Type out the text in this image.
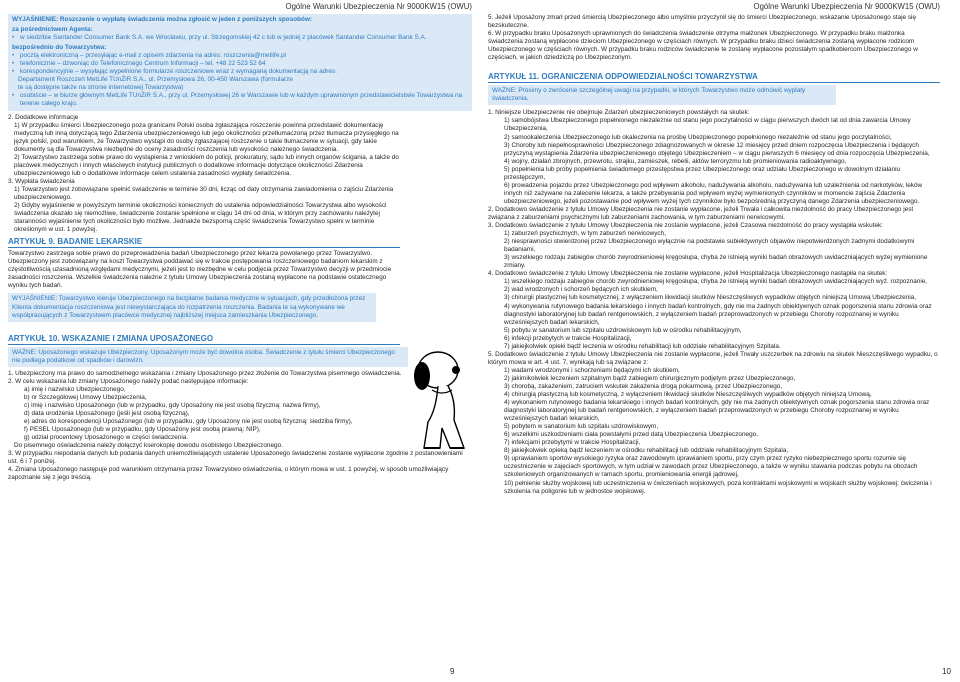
Ogólne Warunki Ubezpieczenia Nr 9000KW15 (OWU)

WYJAŚNIENIE: Roszczenie o wypłatę świadczenia można zgłosić w jeden z poniższych sposobów:

za pośrednictwem Agenta:

• w siedzibie Santander Consumer Bank S.A. we Wrocławiu, przy ul. Strzegomskiej 42 c lub w jednej z placówek Santander Consumer Bank S.A.

bezpośrednio do Towarzystwa:

• pocztą elektroniczną – przesyłając e-mail z opisem zdarzenia na adres: roszczenia@metlife.pl

• telefonicznie – dzwoniąc do Telefonicznego Centrum Informacji – tel. +48 22 523 52 64

• korespondencyjnie – wysyłając wypełnione formularze roszczeniowe wraz z wymaganą dokumentacją na adres:

Departament Roszczeń MetLife TUnŻiR S.A., ul. Przemysłowa 26, 00-450 Warszawa (formularze

te są dostępne także na stronie internetowej Towarzystwa)

• osobiście – w biurze głównym MetLife TUnŻiR S.A., przy ul. Przemysłowej 26 w Warszawie lub w każdym uprawnionym przedstawicielstwie Towarzystwa na terenie całego kraju.

2. Dodatkowe informacje

1) W przypadku śmierci Ubezpieczonego poza granicami Polski osoba zgłaszająca roszczenie powinna przedstawić dokumentację medyczną lub inną dotyczącą tego Zdarzenia ubezpieczeniowego lub jego okoliczności przetłumaczoną przez tłumacza przysięgłego na język polski, pod warunkiem, że Towarzystwo wystąpi do osoby zgłaszającej roszczenie o takie tłumaczenie w sytuacji, gdy takie dokumenty są dla Towarzystwa niezbędne do oceny zasadności roszczenia lub wysokości należnego świadczenia.

2) Towarzystwo zastrzega sobie prawo do wystąpienia z wnioskiem do policji, prokuratury, sądu lub innych organów ścigania, a także do placówek medycznych i innych właściwych instytucji publicznych o dodatkowe informacje dotyczące okoliczności Zdarzenia ubezpieczeniowego lub o dodatkowe informacje celem ustalenia zasadności wypłaty świadczenia.

3. Wypłata świadczenia

1) Towarzystwo jest zobowiązane spełnić świadczenie w terminie 30 dni, licząc od daty otrzymania zawiadomienia o zajściu Zdarzenia ubezpieczeniowego.

2) Gdyby wyjaśnienie w powyższym terminie okoliczności koniecznych do ustalenia odpowiedzialności Towarzystwa albo wysokości świadczenia okazało się niemożliwe, świadczenie zostanie spełnione w ciągu 14 dni od dnia, w którym przy zachowaniu należytej staranności wyjaśnienie tych okoliczności było możliwe. Jednakże bezsporną część świadczenia Towarzystwo spełni w terminie określonym w ust. 1 powyżej.

ARTYKUŁ 9. BADANIE LEKARSKIE

Towarzystwo zastrzega sobie prawo do przeprowadzenia badań Ubezpieczonego przez lekarza powołanego przez Towarzystwo. Ubezpieczony jest zobowiązany na koszt Towarzystwa poddawać się w trakcie postępowania roszczeniowego badaniom lekarskim z częstotliwością uzasadnioną względami medycznymi, jeżeli jest to niezbędne w celu podjęcia przez Towarzystwo decyzji w przedmiocie zasadności roszczenia. Wszelkie świadczenia należne z tytułu Umowy Ubezpieczenia zostaną wypłacone na podstawie ostatecznego wyniku tych badań.

WYJAŚNIENIE: Towarzystwo kieruje Ubezpieczonego na bezpłatne badania medyczne w sytuacjach, gdy przedłożona przez Klienta dokumentacja roszczeniowa jest niewystarczająca do rozpatrzenia roszczenia. Badania te są wykonywane we współpracujących z Towarzystwem placówce medycznej najbliższej miejsca zamieszkania Ubezpieczonego.
ARTYKUŁ 10. WSKAZANIE I ZMIANA UPOSAŻONEGO
WAŻNE: Uposażonego wskazuje Ubezpieczony. Uposażonym może być dowolna osoba. Świadczenie z tytułu śmierci Ubezpieczonego nie podlega podatkowi od spadków i darowizn.

1. Ubezpieczony ma prawo do samodzielnego wskazania i zmiany Uposażonego przez złożenie do Towarzystwa pisemnego oświadczenia.

2. W celu wskazania lub zmiany Uposażonego należy podać następujące informacje:

a) imię i nazwisko Ubezpieczonego,

b) nr Szczegółowej Umowy Ubezpieczenia,

c) imię i nazwisko Uposażonego (lub w przypadku, gdy Uposażony nie jest osobą fizyczną: nazwa firmy),

d) data urodzenia Uposażonego (jeśli jest osobą fizyczną),

e) adres do korespondencji Uposażonego (lub w przypadku, gdy Uposażony nie jest osobą fizyczną: siedziba firmy),

f) PESEL Uposażonego (lub w przypadku, gdy Uposażony jest osobą prawną: NIP),

g) udział procentowy Uposażonego w części świadczenia.

Do pisemnego oświadczenia należy dołączyć kserokopię dowodu osobistego Ubezpieczonego.

3. W przypadku niepodania danych lub podania danych uniemożliwiających ustalenie Uposażonego świadczenie zostanie wypłacone zgodnie z postanowieniami ust. 6 i 7 poniżej.

4. Zmiana Uposażonego następuje pod warunkiem otrzymania przez Towarzystwo oświadczenia, o którym mowa w ust. 1 powyżej, w sposób umożliwiający zapoznanie się z jego treścią.

9
Ogólne Warunki Ubezpieczenia Nr 9000KW15 (OWU)

5. Jeżeli Uposażony zmarł przed śmiercią Ubezpieczonego albo umyślnie przyczynił się do śmierci Ubezpieczonego, wskazanie Uposażonego staje się bezskuteczne.

6. W przypadku braku Uposażonych uprawnionych do świadczenia świadczenie otrzyma małżonek Ubezpieczonego. W przypadku braku małżonka świadczenia zostaną wypłacone dzieciom Ubezpieczonego w częściach równych. W przypadku braku dzieci świadczenia zostaną wypłacone rodzicom Ubezpieczonego w częściach równych. W przypadku braku rodziców świadczenie te zostanę wypłacone pozostałym spadkobiercom Ubezpieczonego w częściach, w jakich dziedziczą po Ubezpieczonym.

ARTYKUŁ 11. OGRANICZENIA ODPOWIEDZIALNOŚCI TOWARZYSTWA
WAŻNE: Prosimy o zwrócenie szczególnej uwagi na przypadki, w których Towarzystwo może odmówić wypłaty świadczenia.

1. Niniejsze Ubezpieczenie nie obejmuje Zdarzeń ubezpieczeniowych powstałych na skutek:

1) samobójstwa Ubezpieczonego popełnionego niezależnie od stanu jego poczytalności w ciągu pierwszych dwóch lat od dnia zawarcia Umowy Ubezpieczenia,

2) samookaleczenia Ubezpieczonego lub okaleczenia na prośbę Ubezpieczonego popełnionego niezależnie od stanu jego poczytalności,

3) Choroby lub niepełnosprawności Ubezpieczonego zdiagnozowanych w okresie 12 miesięcy przed dniem rozpoczęcia Ubezpieczenia i będących przyczyną wystąpienia Zdarzenia ubezpieczeniowego objętego Ubezpieczeniem – w ciągu pierwszych 6 miesięcy od dnia rozpoczęcia Ubezpieczenia,

4) wojny, działań zbrojnych, przewrotu, strajku, zamieszek, rebelii, aktów terroryzmu lub promieniowania radioaktywnego,

5) popełnienia lub próby popełnienia świadomego przestępstwa przez Ubezpieczonego oraz udziału Ubezpieczonego w dowolnym działaniu przestępczym,

6) prowadzenia pojazdu przez Ubezpieczonego pod wpływem alkoholu, nadużywania alkoholu, nadużywania lub uzależnienia od narkotyków, leków innych niż zażywane na zalecenie lekarza, a także przebywania pod wpływem wyżej wymienionych czynników w momencie zajścia Zdarzenia ubezpieczeniowego, jeżeli pozostawanie pod wpływem wyżej tych czynników było bezpośrednią przyczyną danego Zdarzenia ubezpieczeniowego.

2. Dodatkowo świadczenie z tytułu Umowy Ubezpieczenia nie zostanie wypłacone, jeżeli Trwała i całkowita niezdolność do pracy Ubezpieczonego jest związana z zaburzeniami psychicznymi lub zaburzeniami zachowania, w tym zaburzeniami nerwicowymi.

3. Dodatkowo świadczenie z tytułu Umowy Ubezpieczenia nie zostanie wypłacone, jeżeli Czasowa niezdolność do pracy wystąpiła wskutek:

1) zaburzeń psychicznych, w tym zaburzeń nerwicowych,

2) niesprawności stwierdzonej przez Ubezpieczonego wyłącznie na podstawie subiektywnych objawów niepotwierdzonych żadnymi dodatkowymi badaniami,

3) wszelkiego rodzaju zabiegów chorób zwyrodnieniowej kręgosłupa, chyba że istnieją wyniki badań obrazowych uwidaczniających wyżej wymienione zmiany.

4. Dodatkowo świadczenie z tytułu Umowy Ubezpieczenia nie zostanie wypłacone, jeżeli Hospitalizacja Ubezpieczonego nastąpiła na skutek:

1) wszelkiego rodzaju zabiegów chorób zwyrodnieniowej kręgosłupa, chyba że istnieją wyniki badań obrazowych uwidaczniających wyż. rozpoznanie,

2) wad wrodzonych i schorzeń będących ich skutkiem,

3) chirurgii plastycznej lub kosmetycznej, z wyłączeniem likwidacji skutków Nieszczęśliwych wypadków objętych niniejszą Umową Ubezpieczenia,

4) wykonywania rutynowego badania lekarskiego i innych badań kontrolnych, gdy nie ma żadnych obiektywnych oznak pogorszenia stanu zdrowia oraz diagnostyki laboratoryjnej lub badań rentgenowskich, z wyłączeniem badań przeprowadzonych w przebiegu Choroby rozpoznanej w wyniku wcześniejszych badań lekarskich,

5) pobytu w sanatorium lub szpitalu uzdrowiskowym lub w ośrodku rehabilitacyjnym,

6) infekcji przebytych w trakcie Hospitalizacji,

7) jakiejkolwiek opieki bądź leczenia w ośrodku rehabilitacji lub oddziale rehabilitacyjnym Szpitala.

5. Dodatkowo świadczenie z tytułu Umowy Ubezpieczenia nie zostanie wypłacone, jeżeli Trwały uszczerbek na zdrowiu na skutek Nieszczęśliwego wypadku, o którym mowa w art. 4 ust. 7, wynikają lub są związane z:

1) wadami wrodzonymi i schorzeniami będącymi ich skutkiem,

2) jakimikolwiek leczeniem szpitalnym bądź zabiegiem chirurgicznym podjętym przez Ubezpieczonego,

3) chorobą, zakażeniem, zatruciem wskutek zakażenia drogą pokarmową, przez Ubezpieczonego,

4) chirurgią plastyczną lub kosmetyczną, z wyłączeniem likwidacji skutków Nieszczęśliwych wypadków objętych niniejszą Umową,

4) wykonaniem rutynowego badania lekarskiego i innych badań kontrolnych, gdy nie ma żadnych obiektywnych oznak pogorszenia stanu zdrowia oraz diagnostyki laboratoryjnej lub badań rentgenowskich, z wyłączeniem badań przeprowadzonych w przebiegu Choroby rozpoznanej w wyniku wcześniejszych badań lekarskich,

5) pobytem w sanatorium lub szpitalu uzdrowiskowym,

6) wszelkimi uszkodzeniami ciała powstałymi przed datą Ubezpieczenia Ubezpieczonego,

7) infekcjami przebytymi w trakcie Hospitalizacji,

8) jakiejkolwiek opieką bądź leczeniem w ośrodku rehabilitacji lub oddziale rehabilitacyjnym Szpitala,

9) uprawianiem sportów wysokiego ryzyka oraz zawodowym uprawianiem sportu, przy czym przez ryzyko niebezpiecznego sportu rozumie się uczestniczenie w zajęciach sportowych, w tym udział w zawodach przez Ubezpieczonego, a także w wyniku stawania podczas pobytu na obozach szkoleniowych organizowanych w ramach sportu, promieniowania energii jądrowej,

10) pełnienie służby wojskowej lub uczestniczenia w ćwiczeniach wojskowych, poza kontraktami wojskowymi w wojskach służby wojskowej: ćwiczenia i szkolenia na poligonie lub w jednostce wojskowej.

10
